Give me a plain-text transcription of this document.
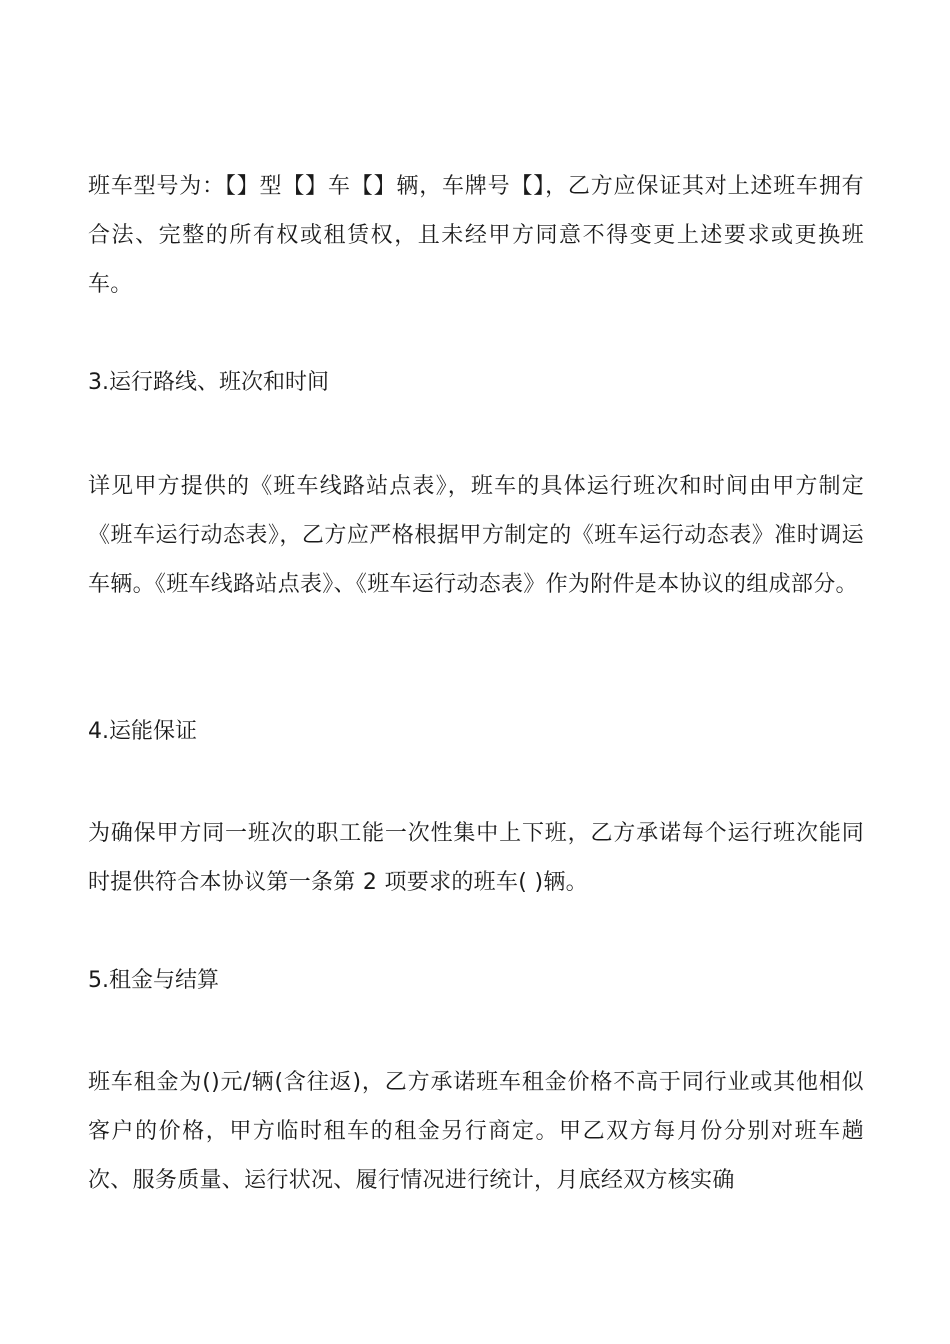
班车型号为：【】型【】车【】辆，车牌号【】，乙方应保证其对上述班车拥有合法、完整的所有权或租赁权，且未经甲方同意不得变更上述要求或更换班车。

3.运行路线、班次和时间

详见甲方提供的《班车线路站点表》，班车的具体运行班次和时间由甲方制定《班车运行动态表》，乙方应严格根据甲方制定的《班车运行动态表》准时调运车辆。《班车线路站点表》、《班车运行动态表》作为附件是本协议的组成部分。

4.运能保证

为确保甲方同一班次的职工能一次性集中上下班，乙方承诺每个运行班次能同时提供符合本协议第一条第 2 项要求的班车( )辆。

5.租金与结算

班车租金为()元/辆(含往返)，乙方承诺班车租金价格不高于同行业或其他相似客户的价格，甲方临时租车的租金另行商定。甲乙双方每月份分别对班车趟次、服务质量、运行状况、履行情况进行统计，月底经双方核实确
